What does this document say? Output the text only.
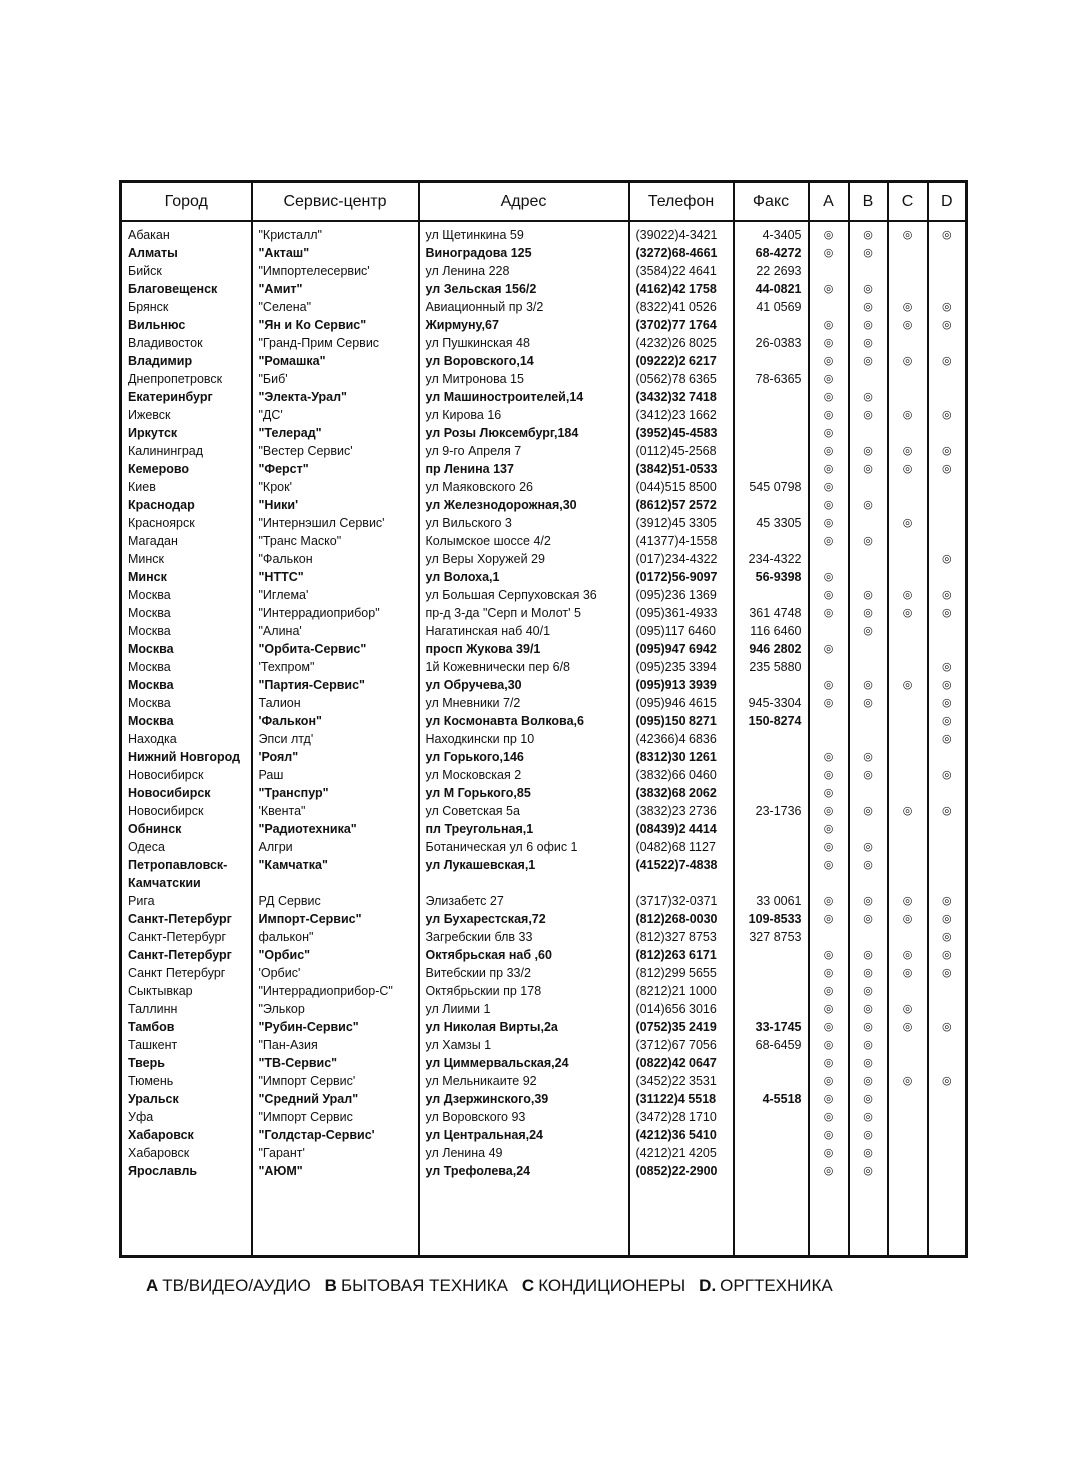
Город	Сервис-центр	Адрес	Телефон	Факс	A	B	C	D
Абакан	"Кристалл"	ул Щетинкина 59	(39022)4-3421	4-3405	◎	◎	◎	◎
Алматы	"Акташ"	Виноградова 125	(3272)68-4661	68-4272	◎	◎		
Бийск	"Импортелесервис'	ул Ленина 228	(3584)22 4641	22 2693				
Благовещенск	"Амит"	ул Зельская 156/2	(4162)42 1758	44-0821	◎	◎		
Брянск	"Селена"	Авиационный пр 3/2	(8322)41 0526	41 0569		◎	◎	◎
Вильнюс	"Ян и Ко Сервис"	Жирмуну,67	(3702)77 1764		◎	◎	◎	◎
Владивосток	"Гранд-Прим Сервис	ул Пушкинская 48	(4232)26 8025	26-0383	◎	◎		
Владимир	"Ромашка"	ул Воровского,14	(09222)2 6217		◎	◎	◎	◎
Днепропетровск	"Биб'	ул Митронова 15	(0562)78 6365	78-6365	◎			
Екатеринбург	"Электа-Урал"	ул Машиностроителей,14	(3432)32 7418		◎	◎		
Ижевск	"ДС'	ул Кирова 16	(3412)23 1662		◎	◎	◎	◎
Иркутск	"Телерад"	ул Розы Люксембург,184	(3952)45-4583		◎			
Калининград	"Вестер Сервис'	ул 9-го Апреля 7	(0112)45-2568		◎	◎	◎	◎
Кемерово	"Ферст"	пр Ленина 137	(3842)51-0533		◎	◎	◎	◎
Киев	"Крок'	ул Маяковского 26	(044)515 8500	545 0798	◎			
Краснодар	"Ники'	ул Железнодорожная,30	(8612)57 2572		◎	◎		
Красноярск	"Интернэшил Сервис'	ул Вильского 3	(3912)45 3305	45 3305	◎		◎	
Магадан	"Транс Маско"	Колымское шоссе 4/2	(41377)4-1558		◎	◎		
Минск	"Фалькон	ул Веры Хоружей 29	(017)234-4322	234-4322				◎
Минск	"НТТС"	ул Волоха,1	(0172)56-9097	56-9398	◎			
Москва	"Иглема'	ул Большая Серпуховская 36	(095)236 1369		◎	◎	◎	◎
Москва	"Интеррадиоприбор"	пр-д 3-да "Серп и Молот' 5	(095)361-4933	361 4748	◎	◎	◎	◎
Москва	"Алина'	Нагатинская наб 40/1	(095)117 6460	116 6460		◎		
Москва	"Орбита-Сервис"	просп Жукова 39/1	(095)947 6942	946 2802	◎			
Москва	'Техпром"	1й Кожевнически пер 6/8	(095)235 3394	235 5880				◎
Москва	"Партия-Сервис"	ул Обручева,30	(095)913 3939		◎	◎	◎	◎
Москва	Талион	ул Мневники 7/2	(095)946 4615	945-3304	◎	◎		◎
Москва	'Фалькон"	ул Космонавта Волкова,6	(095)150 8271	150-8274				◎
Находка	Эпси лтд'	Находкински пр 10	(42366)4 6836					◎
Нижний Новгород	'Роял"	ул Горького,146	(8312)30 1261		◎	◎		
Новосибирск	Раш	ул Московская 2	(3832)66 0460		◎	◎		◎
Новосибирск	"Транспур"	ул М Горького,85	(3832)68 2062		◎			
Новосибирск	'Квента"	ул Советская 5а	(3832)23 2736	23-1736	◎	◎	◎	◎
Обнинск	"Радиотехника"	пл Треугольная,1	(08439)2 4414		◎			
Одеса	Алгри	Ботаническая ул 6 офис 1	(0482)68 1127		◎	◎		
Петропавловск-	"Камчатка"	ул Лукашевская,1	(41522)7-4838		◎	◎		
Камчатскии								
Рига	РД Сервис	Элизабетс 27	(3717)32-0371	33 0061	◎	◎	◎	◎
Санкт-Петербург	Импорт-Сервис"	ул Бухарестская,72	(812)268-0030	109-8533	◎	◎	◎	◎
Санкт-Петербург	фалькон"	Загребскии блв 33	(812)327 8753	327 8753				◎
Санкт-Петербург	"Орбис"	Октябрьская наб ,60	(812)263 6171		◎	◎	◎	◎
Санкт Петербург	'Орбис'	Витебскии пр 33/2	(812)299 5655		◎	◎	◎	◎
Сыктывкар	"Интеррадиоприбор-С"	Октябрьскии пр 178	(8212)21 1000		◎	◎		
Таллинн	"Элькор	ул Лиими 1	(014)656 3016		◎	◎	◎	
Тамбов	"Рубин-Сервис"	ул Николая Вирты,2а	(0752)35 2419	33-1745	◎	◎	◎	◎
Ташкент	"Пан-Азия	ул Хамзы 1	(3712)67 7056	68-6459	◎	◎		
Тверь	"ТВ-Сервис"	ул Циммервальская,24	(0822)42 0647		◎	◎		
Тюмень	"Импорт Сервис'	ул Мельникаите 92	(3452)22 3531		◎	◎	◎	◎
Уральск	"Средний Урал"	ул Дзержинского,39	(31122)4 5518	4-5518	◎	◎		
Уфа	"Импорт Сервис	ул Воровского 93	(3472)28 1710		◎	◎		
Хабаровск	"Голдстар-Сервис'	ул Центральная,24	(4212)36 5410		◎	◎		
Хабаровск	"Гарант'	ул Ленина 49	(4212)21 4205		◎	◎		
Ярославль	"АЮМ"	ул Трефолева,24	(0852)22-2900		◎	◎		

A ТВ/ВИДЕО/АУДИО B БЫТОВАЯ ТЕХНИКА C КОНДИЦИОНЕРЫ D. ОРГТЕХНИКА
